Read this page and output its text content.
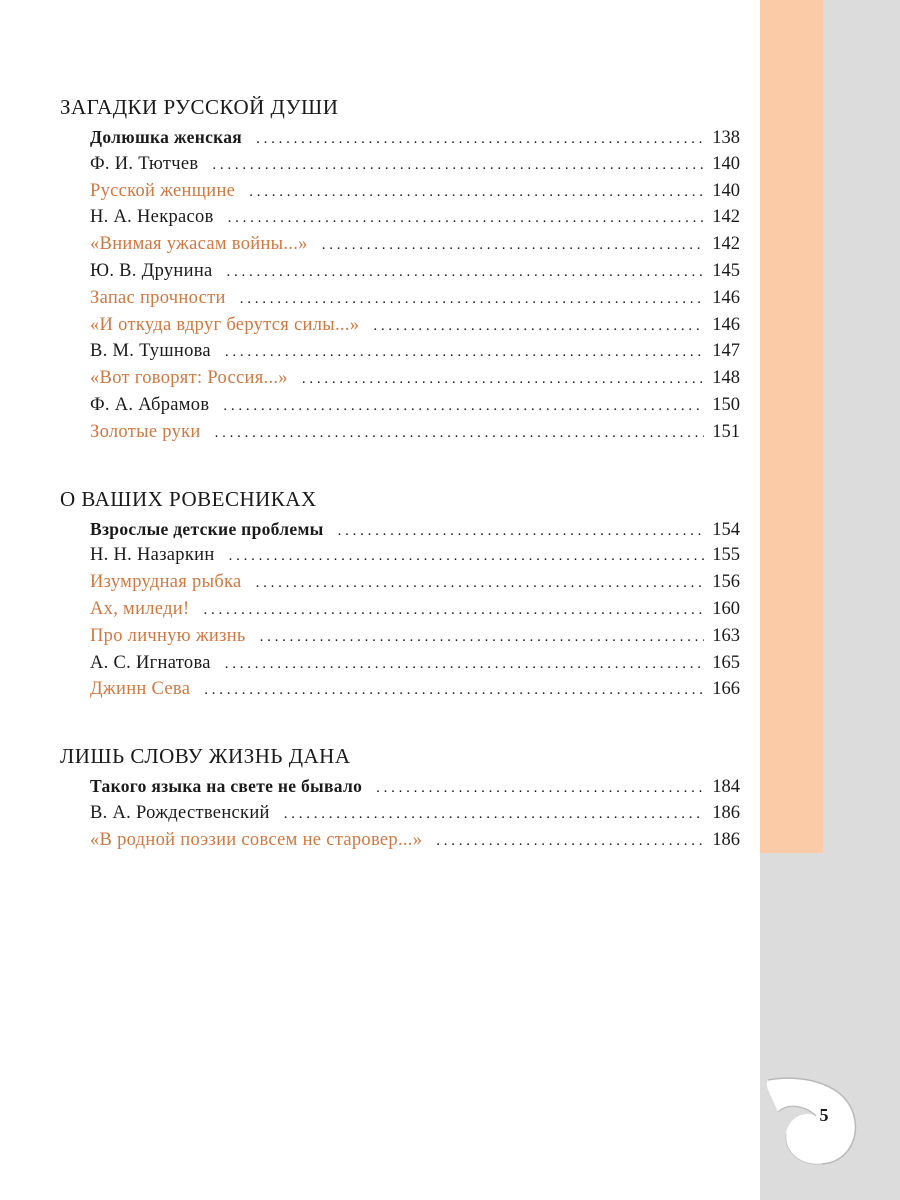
ЗАГАДКИ РУССКОЙ ДУШИ
Долюшка женская . . .	138
Ф. И. Тютчев . . .	140
Русской женщине . . .	140
Н. А. Некрасов . . .	142
«Внимая ужасам войны...» . . .	142
Ю. В. Друнина . . .	145
Запас прочности . . .	146
«И откуда вдруг берутся силы...» . . .	146
В. М. Тушнова . . .	147
«Вот говорят: Россия...» . . .	148
Ф. А. Абрамов . . .	150
Золотые руки . . .	151
О ВАШИХ РОВЕСНИКАХ
Взрослые детские проблемы . . .	154
Н. Н. Назаркин . . .	155
Изумрудная рыбка . . .	156
Ах, миледи! . . .	160
Про личную жизнь . . .	163
А. С. Игнатова . . .	165
Джинн Сева . . .	166
ЛИШЬ СЛОВУ ЖИЗНЬ ДАНА
Такого языка на свете не бывало . . .	184
В. А. Рождественский . . .	186
«В родной поэзии совсем не старовер...» . . .	186
5
